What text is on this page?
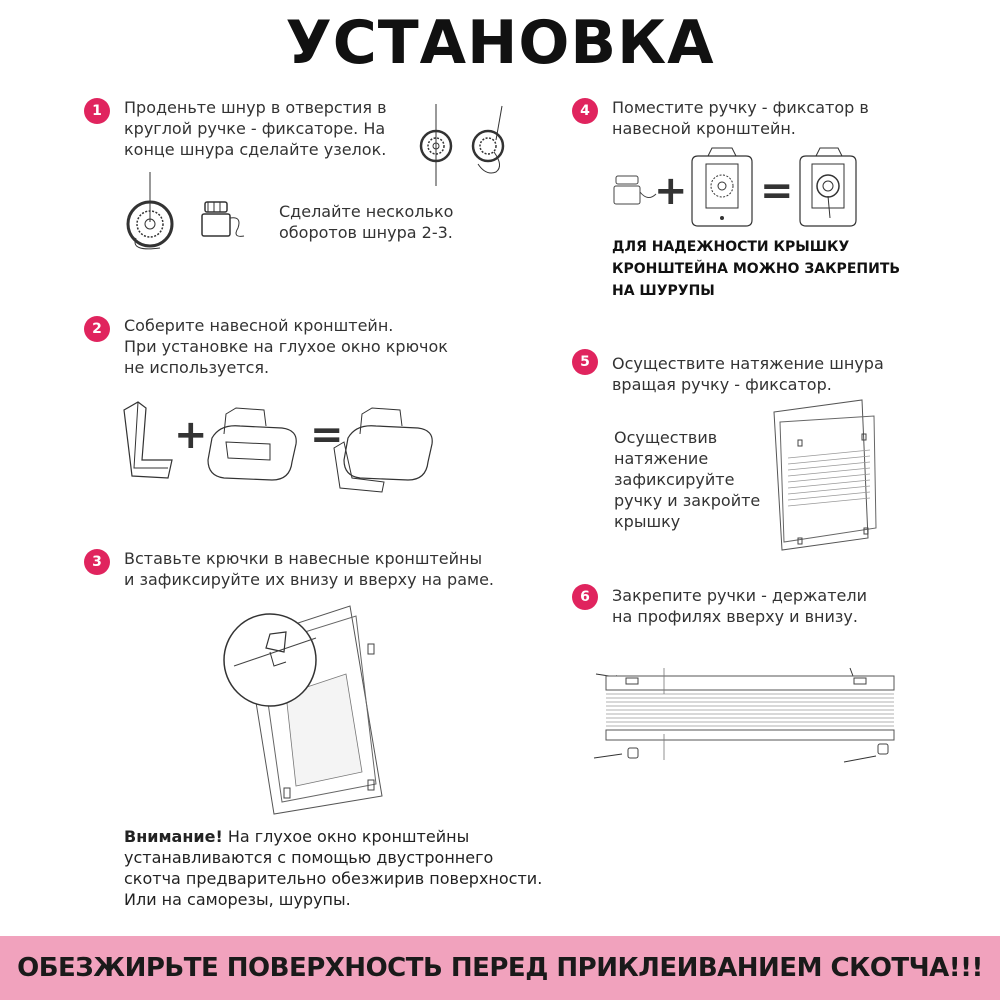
УСТАНОВКА
1	Проденьте шнур в отверстия в
круглой ручке - фиксаторе. На
конце шнура сделайте узелок.
Сделайте несколько
оборотов шнура 2-3.
2	Соберите навесной кронштейн.
При установке на глухое окно крючок
не используется.
+	=
3	Вставьте крючки в навесные кронштейны
и зафиксируйте их внизу и вверху на раме.
Внимание! На глухое окно кронштейны
устанавливаются с помощью двустроннего
скотча предварительно обезжирив поверхности.
Или на саморезы, шурупы.
4	Поместите ручку - фиксатор в
навесной кронштейн.
+ =
ДЛЯ НАДЕЖНОСТИ КРЫШКУ
КРОНШТЕЙНА МОЖНО ЗАКРЕПИТЬ
НА ШУРУПЫ
5	Осуществите натяжение шнура
вращая ручку - фиксатор.
Осуществив
натяжение
зафиксируйте
ручку и закройте
крышку
6	Закрепите ручки - держатели
на профилях вверху и внизу.
ОБЕЗЖИРЬТЕ ПОВЕРХНОСТЬ ПЕРЕД ПРИКЛЕИВАНИЕМ СКОТЧА!!!
